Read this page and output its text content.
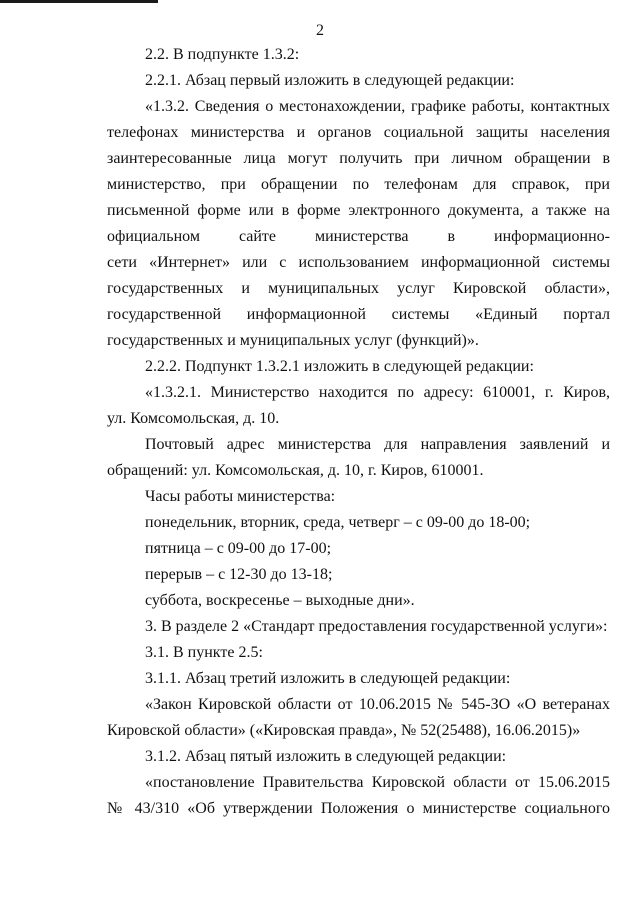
2
2.2. В подпункте 1.3.2:
2.2.1. Абзац первый изложить в следующей редакции:
«1.3.2. Сведения о местонахождении, графике работы, контактных
телефонах министерства и органов социальной защиты населения
заинтересованные лица могут получить при личном обращении в
министерство, при обращении по телефонам для справок, при
письменной форме или в форме электронного документа, а также на
официальном сайте министерства в информационно-
сети «Интернет» или с использованием информационной системы
государственных и муниципальных услуг Кировской области»,
государственной информационной системы «Единый портал
государственных и муниципальных услуг (функций)».
2.2.2. Подпункт 1.3.2.1 изложить в следующей редакции:
«1.3.2.1. Министерство находится по адресу: 610001, г. Киров,
ул. Комсомольская, д. 10.
Почтовый адрес министерства для направления заявлений и
обращений: ул. Комсомольская, д. 10, г. Киров, 610001.
Часы работы министерства:
понедельник, вторник, среда, четверг – с 09-00 до 18-00;
пятница – с 09-00 до 17-00;
перерыв – с 12-30 до 13-18;
суббота, воскресенье – выходные дни».
3. В разделе 2 «Стандарт предоставления государственной услуги»:
3.1. В пункте 2.5:
3.1.1. Абзац третий изложить в следующей редакции:
«Закон Кировской области от 10.06.2015 № 545-ЗО «О ветеранах
Кировской области» («Кировская правда», № 52(25488), 16.06.2015)»
3.1.2. Абзац пятый изложить в следующей редакции:
«постановление Правительства Кировской области от 15.06.2015
№ 43/310 «Об утверждении Положения о министерстве социального
